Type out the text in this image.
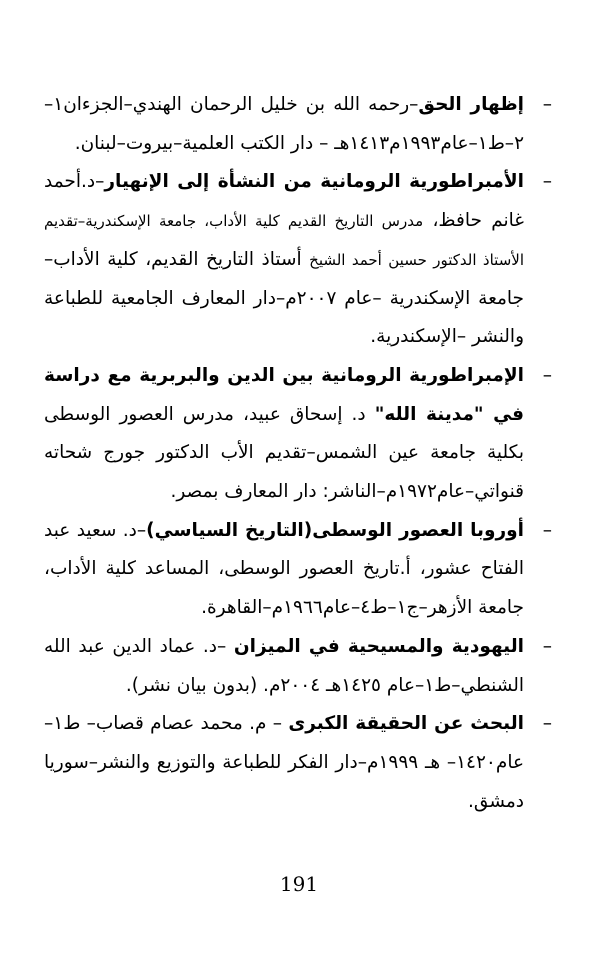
–
إظهار الحق–رحمه الله بن خليل الرحمان الهندي–الجزءان١–٢–ط١–عام١٩٩٣م١٤١٣هـ – دار الكتب العلمية–بيروت–لبنان.
–
الأمبراطورية الرومانية من النشأة إلى الإنهيار–د.أحمد غانم حافظ، مدرس التاريخ القديم كلية الأداب، جامعة الإسكندرية–تقديم الأستاذ الدكتور حسين أحمد الشيخ أستاذ التاريخ القديم، كلية الأداب–جامعة الإسكندرية –عام ٢٠٠٧م–دار المعارف الجامعية للطباعة والنشر –الإسكندرية.
–
الإمبراطورية الرومانية بين الدين والبربرية مع دراسة في "مدينة الله" د. إسحاق عبيد، مدرس العصور الوسطى بكلية جامعة عين الشمس–تقديم الأب الدكتور جورج شحاته قنواتي–عام١٩٧٢م–الناشر: دار المعارف بمصر.
–
أوروبا العصور الوسطى(التاريخ السياسي)–د. سعيد عبد الفتاح عشور، أ.تاريخ العصور الوسطى، المساعد كلية الأداب، جامعة الأزهر–ج١–ط٤–عام١٩٦٦م–القاهرة.
–
اليهودية والمسيحية في الميزان –د. عماد الدين عبد الله الشنطي–ط١–عام ١٤٢٥هـ ٢٠٠٤م. (بدون بيان نشر).
–
البحث عن الحقيقة الكبرى – م. محمد عصام قصاب– ط١–عام١٤٢٠– هـ ١٩٩٩م–دار الفكر للطباعة والتوزيع والنشر–سوريا دمشق.
191
